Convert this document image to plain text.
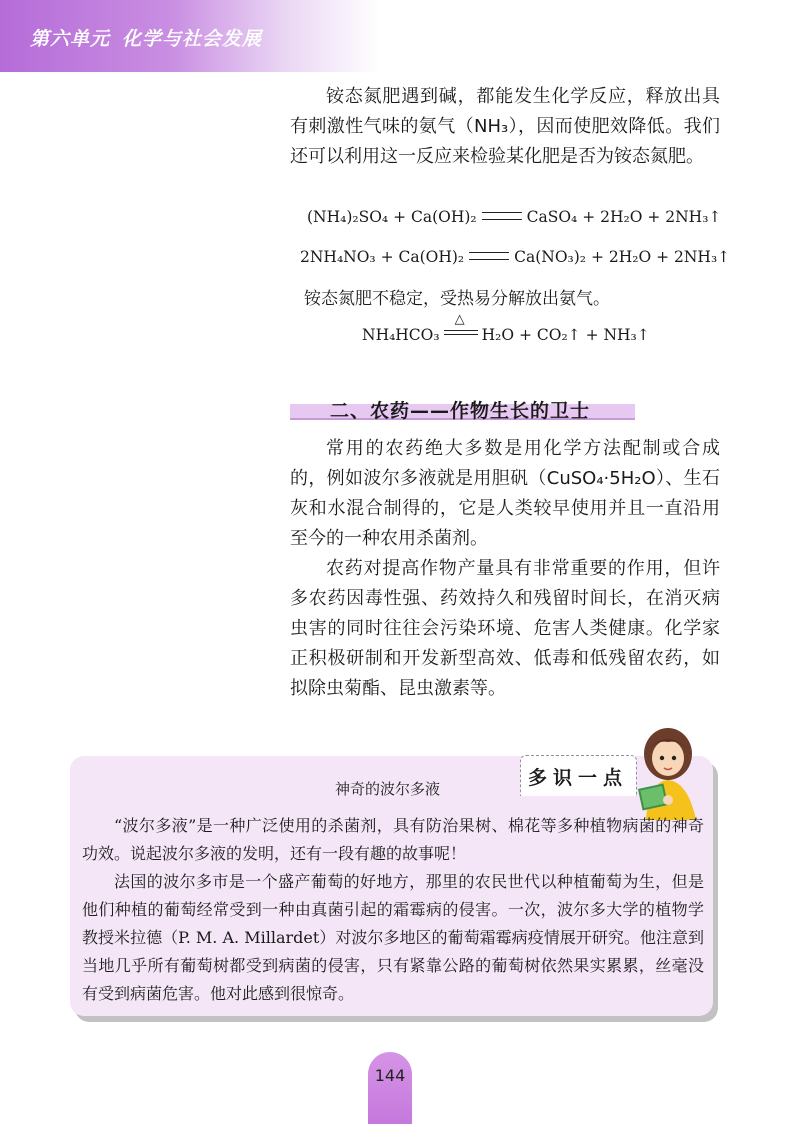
第六单元 化学与社会发展

铵态氮肥遇到碱，都能发生化学反应，释放出具有刺激性气味的氨气（NH₃），因而使肥效降低。我们还可以利用这一反应来检验某化肥是否为铵态氮肥。

(NH₄)₂SO₄ + Ca(OH)₂	CaSO₄ + 2H₂O + 2NH₃↑
2NH₄NO₃ + Ca(OH)₂	Ca(NO₃)₂ + 2H₂O + 2NH₃↑
铵态氮肥不稳定，受热易分解放出氨气。
NH₄HCO₃
△
H₂O + CO₂↑ + NH₃↑
二、农药——作物生长的卫士

常用的农药绝大多数是用化学方法配制或合成的，例如波尔多液就是用胆矾（CuSO₄·5H₂O）、生石灰和水混合制得的，它是人类较早使用并且一直沿用至今的一种农用杀菌剂。

农药对提高作物产量具有非常重要的作用，但许多农药因毒性强、药效持久和残留时间长，在消灭病虫害的同时往往会污染环境、危害人类健康。化学家正积极研制和开发新型高效、低毒和低残留农药，如拟除虫菊酯、昆虫激素等。

多识一点
神奇的波尔多液

“波尔多液”是一种广泛使用的杀菌剂，具有防治果树、棉花等多种植物病菌的神奇功效。说起波尔多液的发明，还有一段有趣的故事呢！

法国的波尔多市是一个盛产葡萄的好地方，那里的农民世代以种植葡萄为生，但是他们种植的葡萄经常受到一种由真菌引起的霜霉病的侵害。一次，波尔多大学的植物学教授米拉德（P. M. A. Millardet）对波尔多地区的葡萄霜霉病疫情展开研究。他注意到当地几乎所有葡萄树都受到病菌的侵害，只有紧靠公路的葡萄树依然果实累累，丝毫没有受到病菌危害。他对此感到很惊奇。

144
